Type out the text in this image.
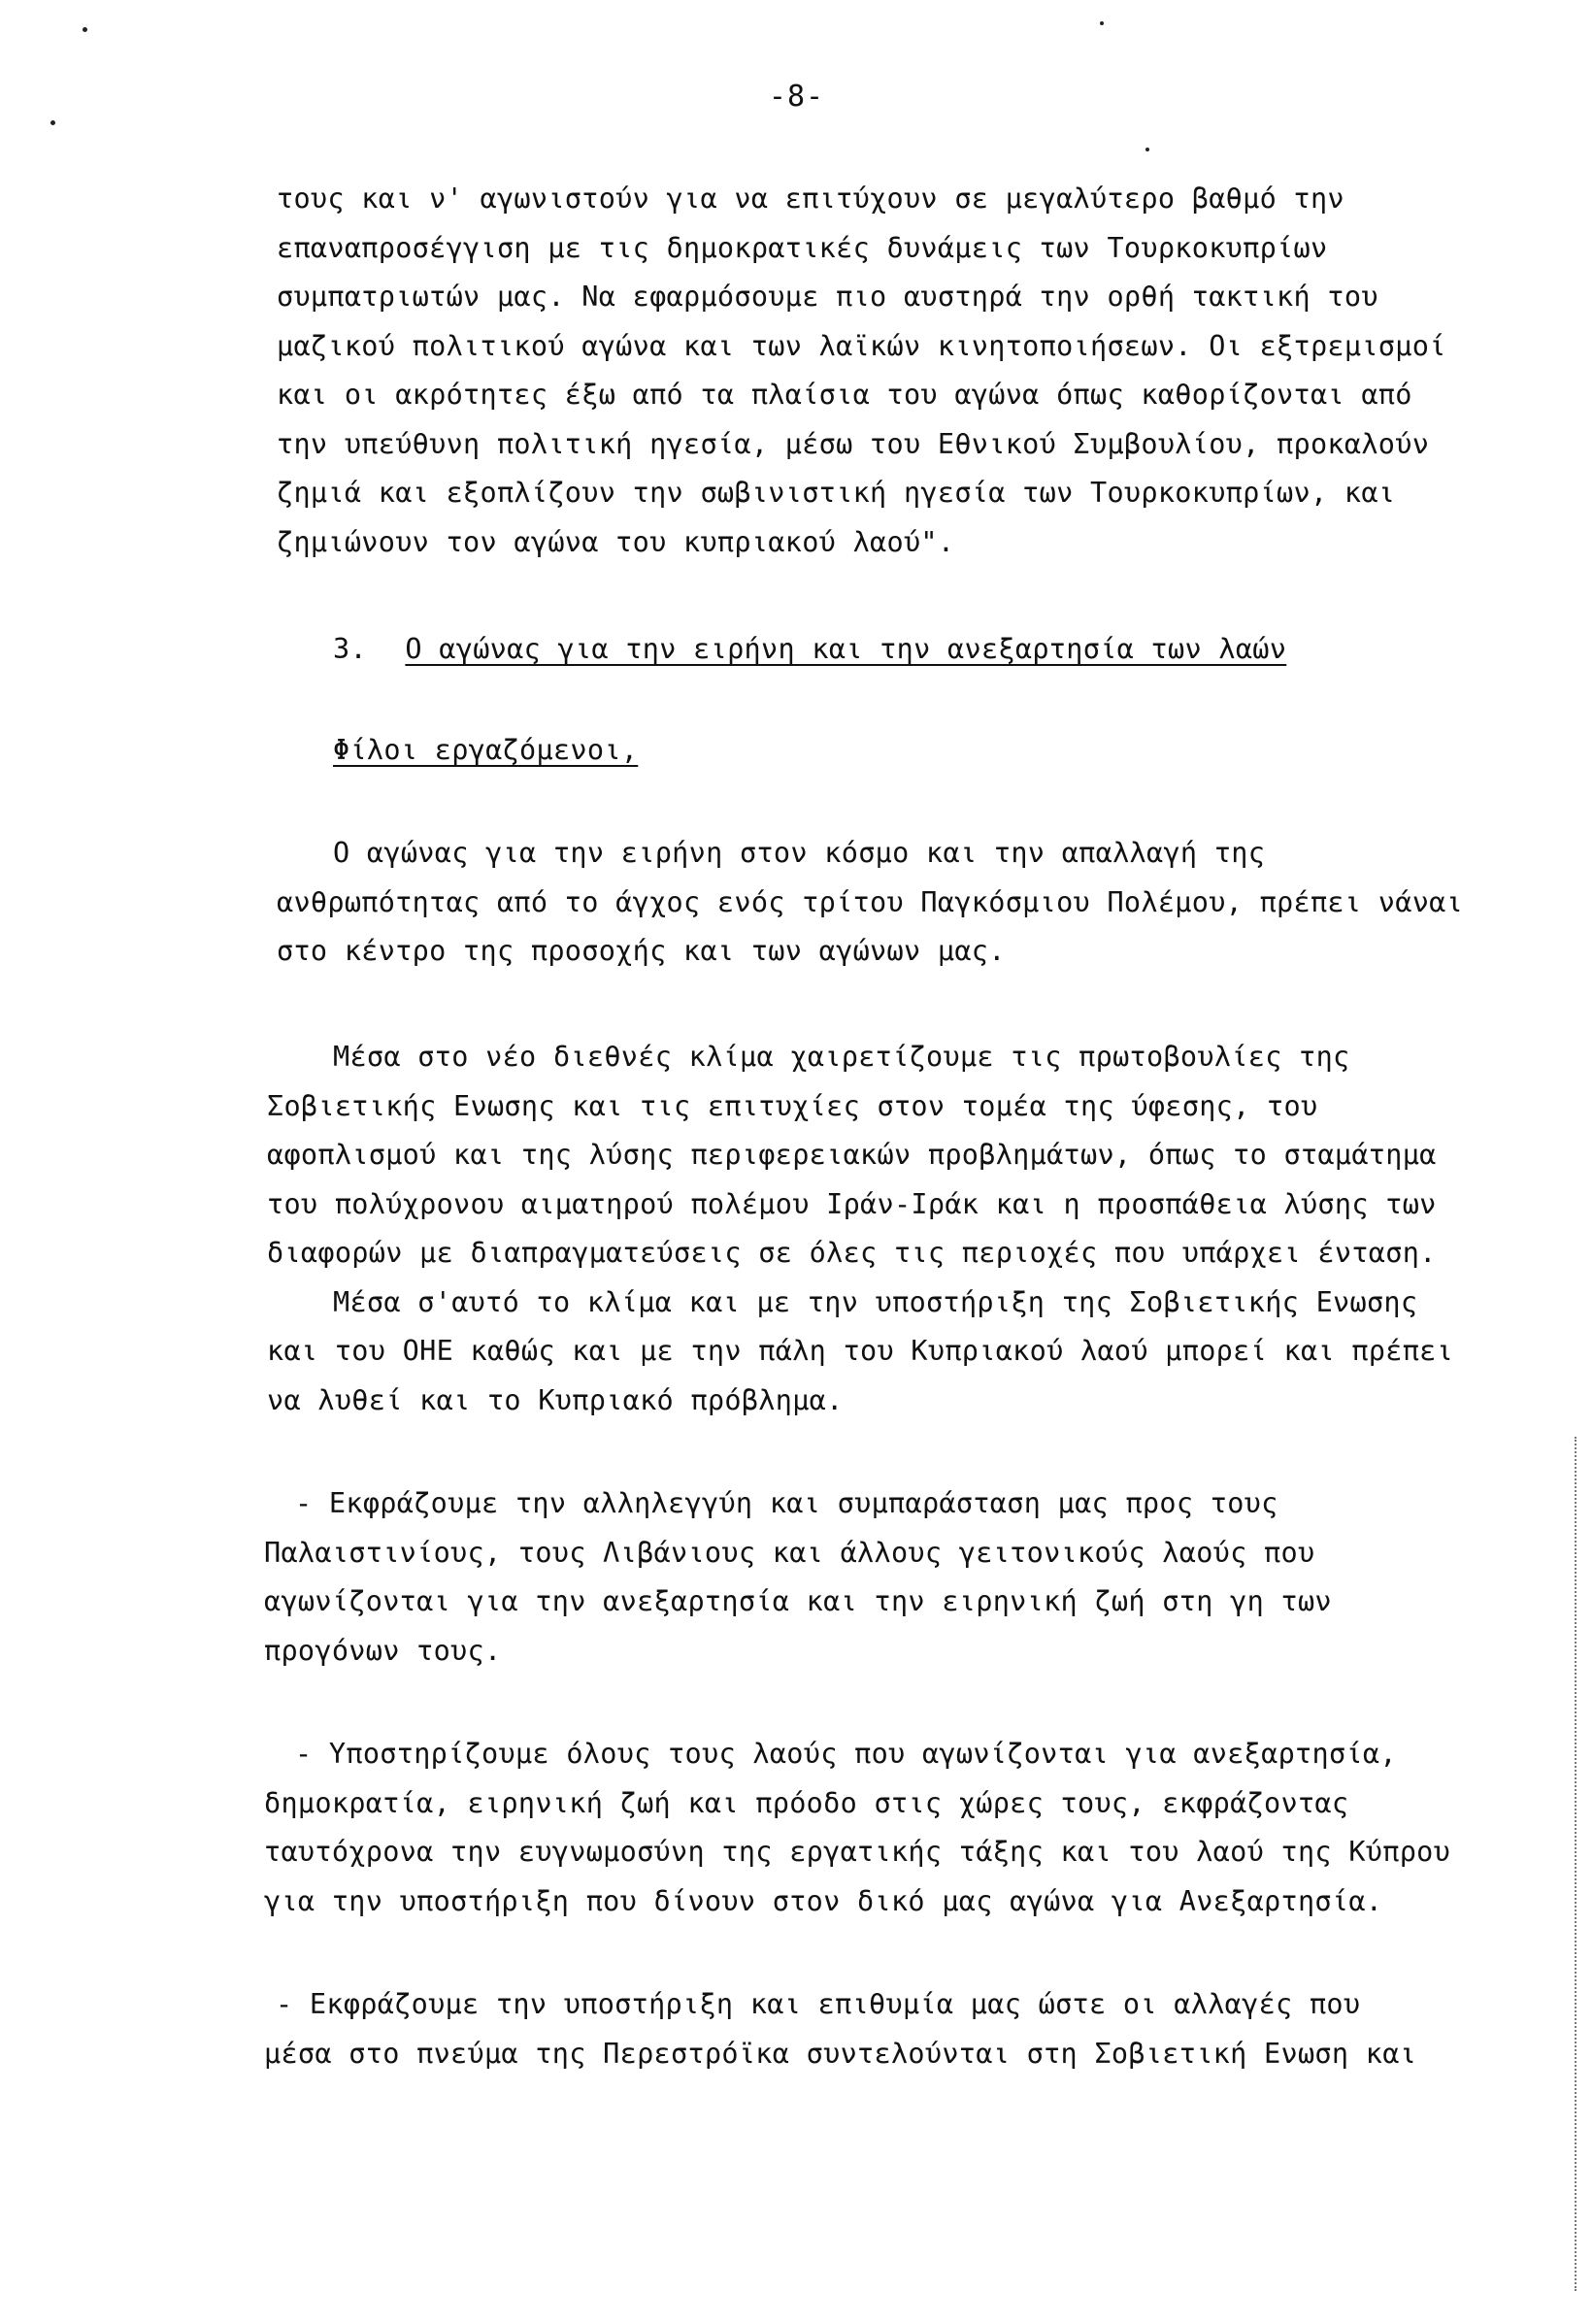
-8-
τους και ν' αγωνιστούν για να επιτύχουν σε μεγαλύτερο βαθμό την
επαναπροσέγγιση με τις δημοκρατικές δυνάμεις των Τουρκοκυπρίων
συμπατριωτών μας. Να εφαρμόσουμε πιο αυστηρά την ορθή τακτική του
μαζικού πολιτικού αγώνα και των λαϊκών κινητοποιήσεων. Οι εξτρεμισμοί
και οι ακρότητες έξω από τα πλαίσια του αγώνα όπως καθορίζονται από
την υπεύθυνη πολιτική ηγεσία, μέσω του Εθνικού Συμβουλίου, προκαλούν
ζημιά και εξοπλίζουν την σωβινιστική ηγεσία των Τουρκοκυπρίων, και
ζημιώνουν τον αγώνα του κυπριακού λαού".
3. Ο αγώνας για την ειρήνη και την ανεξαρτησία των λαών
Φίλοι εργαζόμενοι,
Ο αγώνας για την ειρήνη στον κόσμο και την απαλλαγή της
ανθρωπότητας από το άγχος ενός τρίτου Παγκόσμιου Πολέμου, πρέπει νάναι
στο κέντρο της προσοχής και των αγώνων μας.
Μέσα στο νέο διεθνές κλίμα χαιρετίζουμε τις πρωτοβουλίες της
Σοβιετικής Ενωσης και τις επιτυχίες στον τομέα της ύφεσης, του
αφοπλισμού και της λύσης περιφερειακών προβλημάτων, όπως το σταμάτημα
του πολύχρονου αιματηρού πολέμου Ιράν-Ιράκ και η προσπάθεια λύσης των
διαφορών με διαπραγματεύσεις σε όλες τις περιοχές που υπάρχει ένταση.
Μέσα σ'αυτό το κλίμα και με την υποστήριξη της Σοβιετικής Ενωσης
και του ΟΗΕ καθώς και με την πάλη του Κυπριακού λαού μπορεί και πρέπει
να λυθεί και το Κυπριακό πρόβλημα.
- Εκφράζουμε την αλληλεγγύη και συμπαράσταση μας προς τους
Παλαιστινίους, τους Λιβάνιους και άλλους γειτονικούς λαούς που
αγωνίζονται για την ανεξαρτησία και την ειρηνική ζωή στη γη των
προγόνων τους.
- Υποστηρίζουμε όλους τους λαούς που αγωνίζονται για ανεξαρτησία,
δημοκρατία, ειρηνική ζωή και πρόοδο στις χώρες τους, εκφράζοντας
ταυτόχρονα την ευγνωμοσύνη της εργατικής τάξης και του λαού της Κύπρου
για την υποστήριξη που δίνουν στον δικό μας αγώνα για Ανεξαρτησία.
- Εκφράζουμε την υποστήριξη και επιθυμία μας ώστε οι αλλαγές που
μέσα στο πνεύμα της Περεστρόϊκα συντελούνται στη Σοβιετική Ενωση και
